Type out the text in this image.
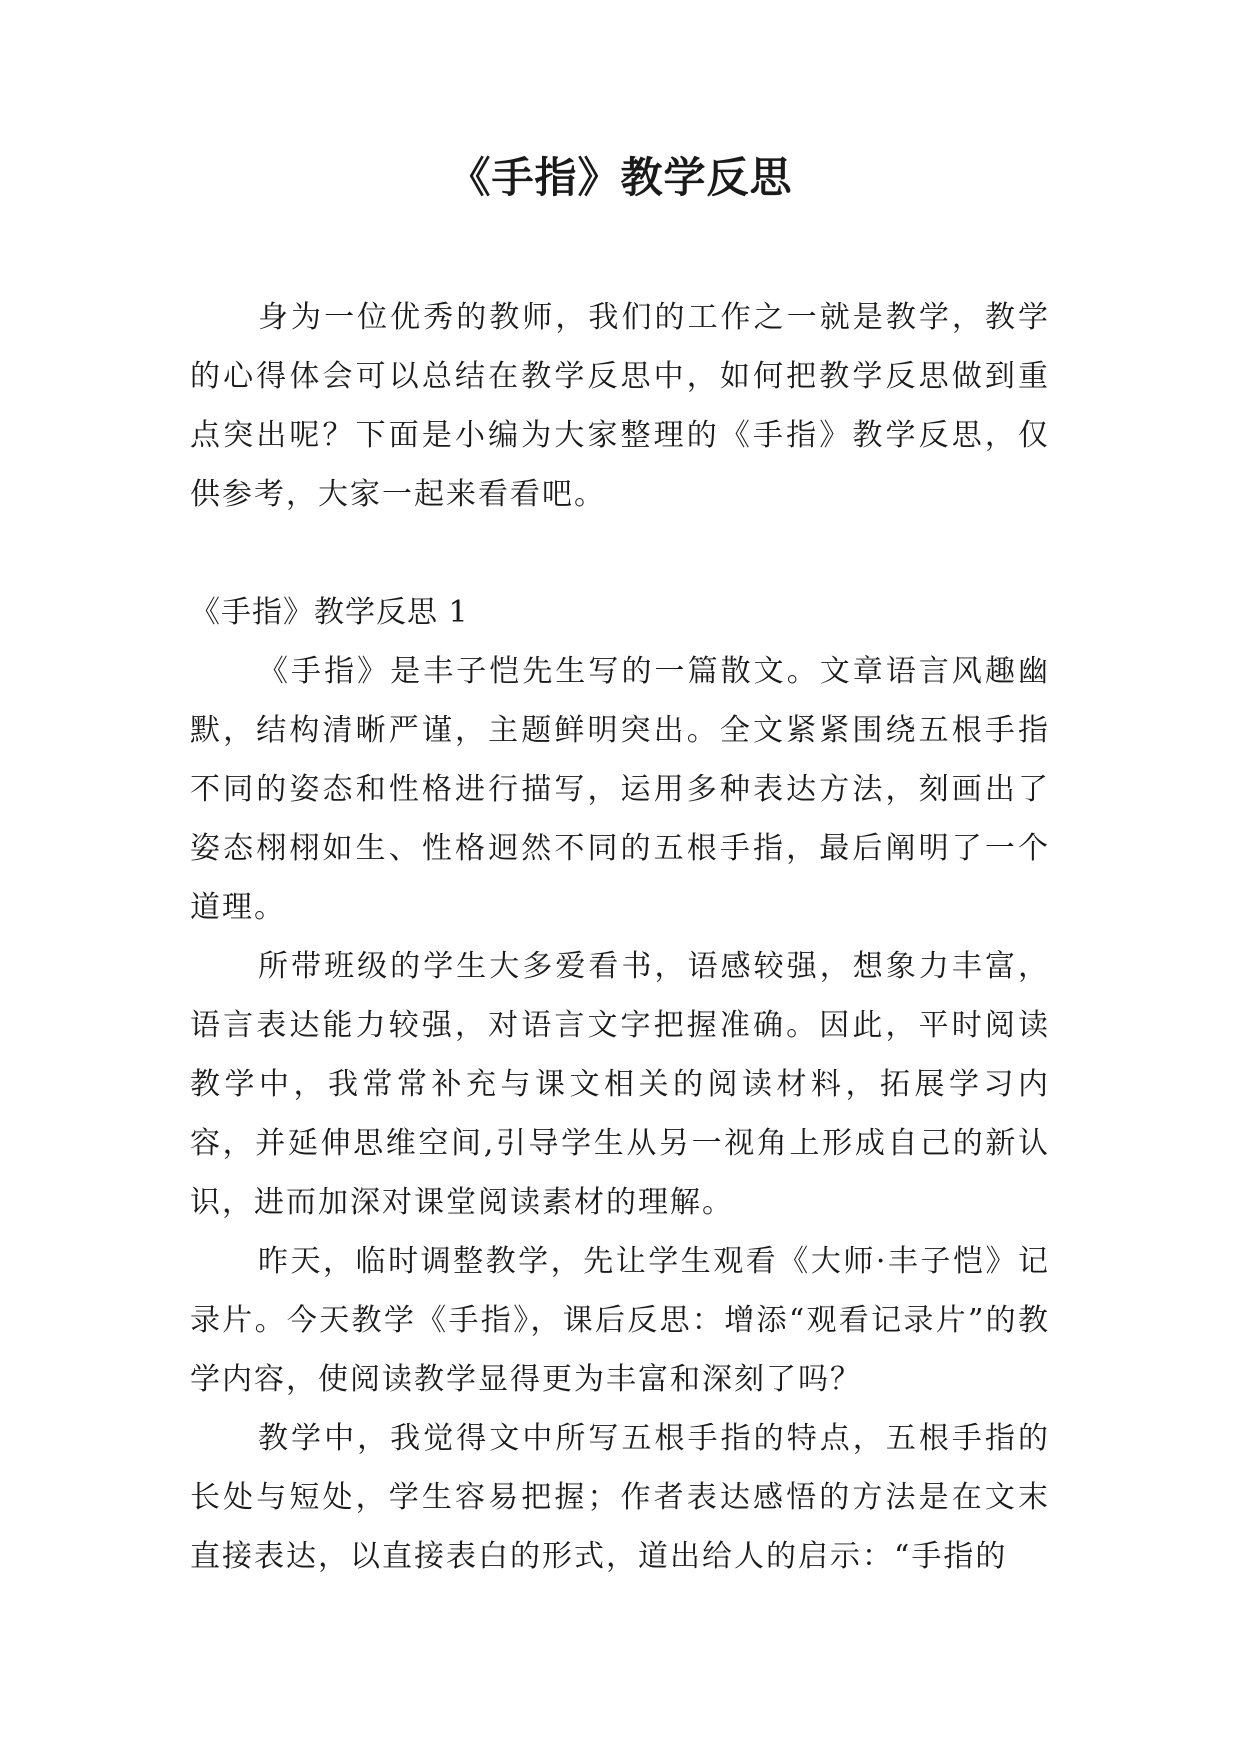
《手指》教学反思

身为一位优秀的教师，我们的工作之一就是教学，教学的心得体会可以总结在教学反思中，如何把教学反思做到重点突出呢？下面是小编为大家整理的《手指》教学反思，仅供参考，大家一起来看看吧。

《手指》教学反思 1

《手指》是丰子恺先生写的一篇散文。文章语言风趣幽默，结构清晰严谨，主题鲜明突出。全文紧紧围绕五根手指不同的姿态和性格进行描写，运用多种表达方法，刻画出了姿态栩栩如生、性格迥然不同的五根手指，最后阐明了一个道理。

所带班级的学生大多爱看书，语感较强，想象力丰富，语言表达能力较强，对语言文字把握准确。因此，平时阅读教学中，我常常补充与课文相关的阅读材料，拓展学习内容，并延伸思维空间,引导学生从另一视角上形成自己的新认识，进而加深对课堂阅读素材的理解。

昨天，临时调整教学，先让学生观看《大师·丰子恺》记录片。今天教学《手指》，课后反思：增添“观看记录片”的教学内容，使阅读教学显得更为丰富和深刻了吗？

教学中，我觉得文中所写五根手指的特点，五根手指的长处与短处，学生容易把握；作者表达感悟的方法是在文末直接表达，以直接表白的形式，道出给人的启示：“手指的
